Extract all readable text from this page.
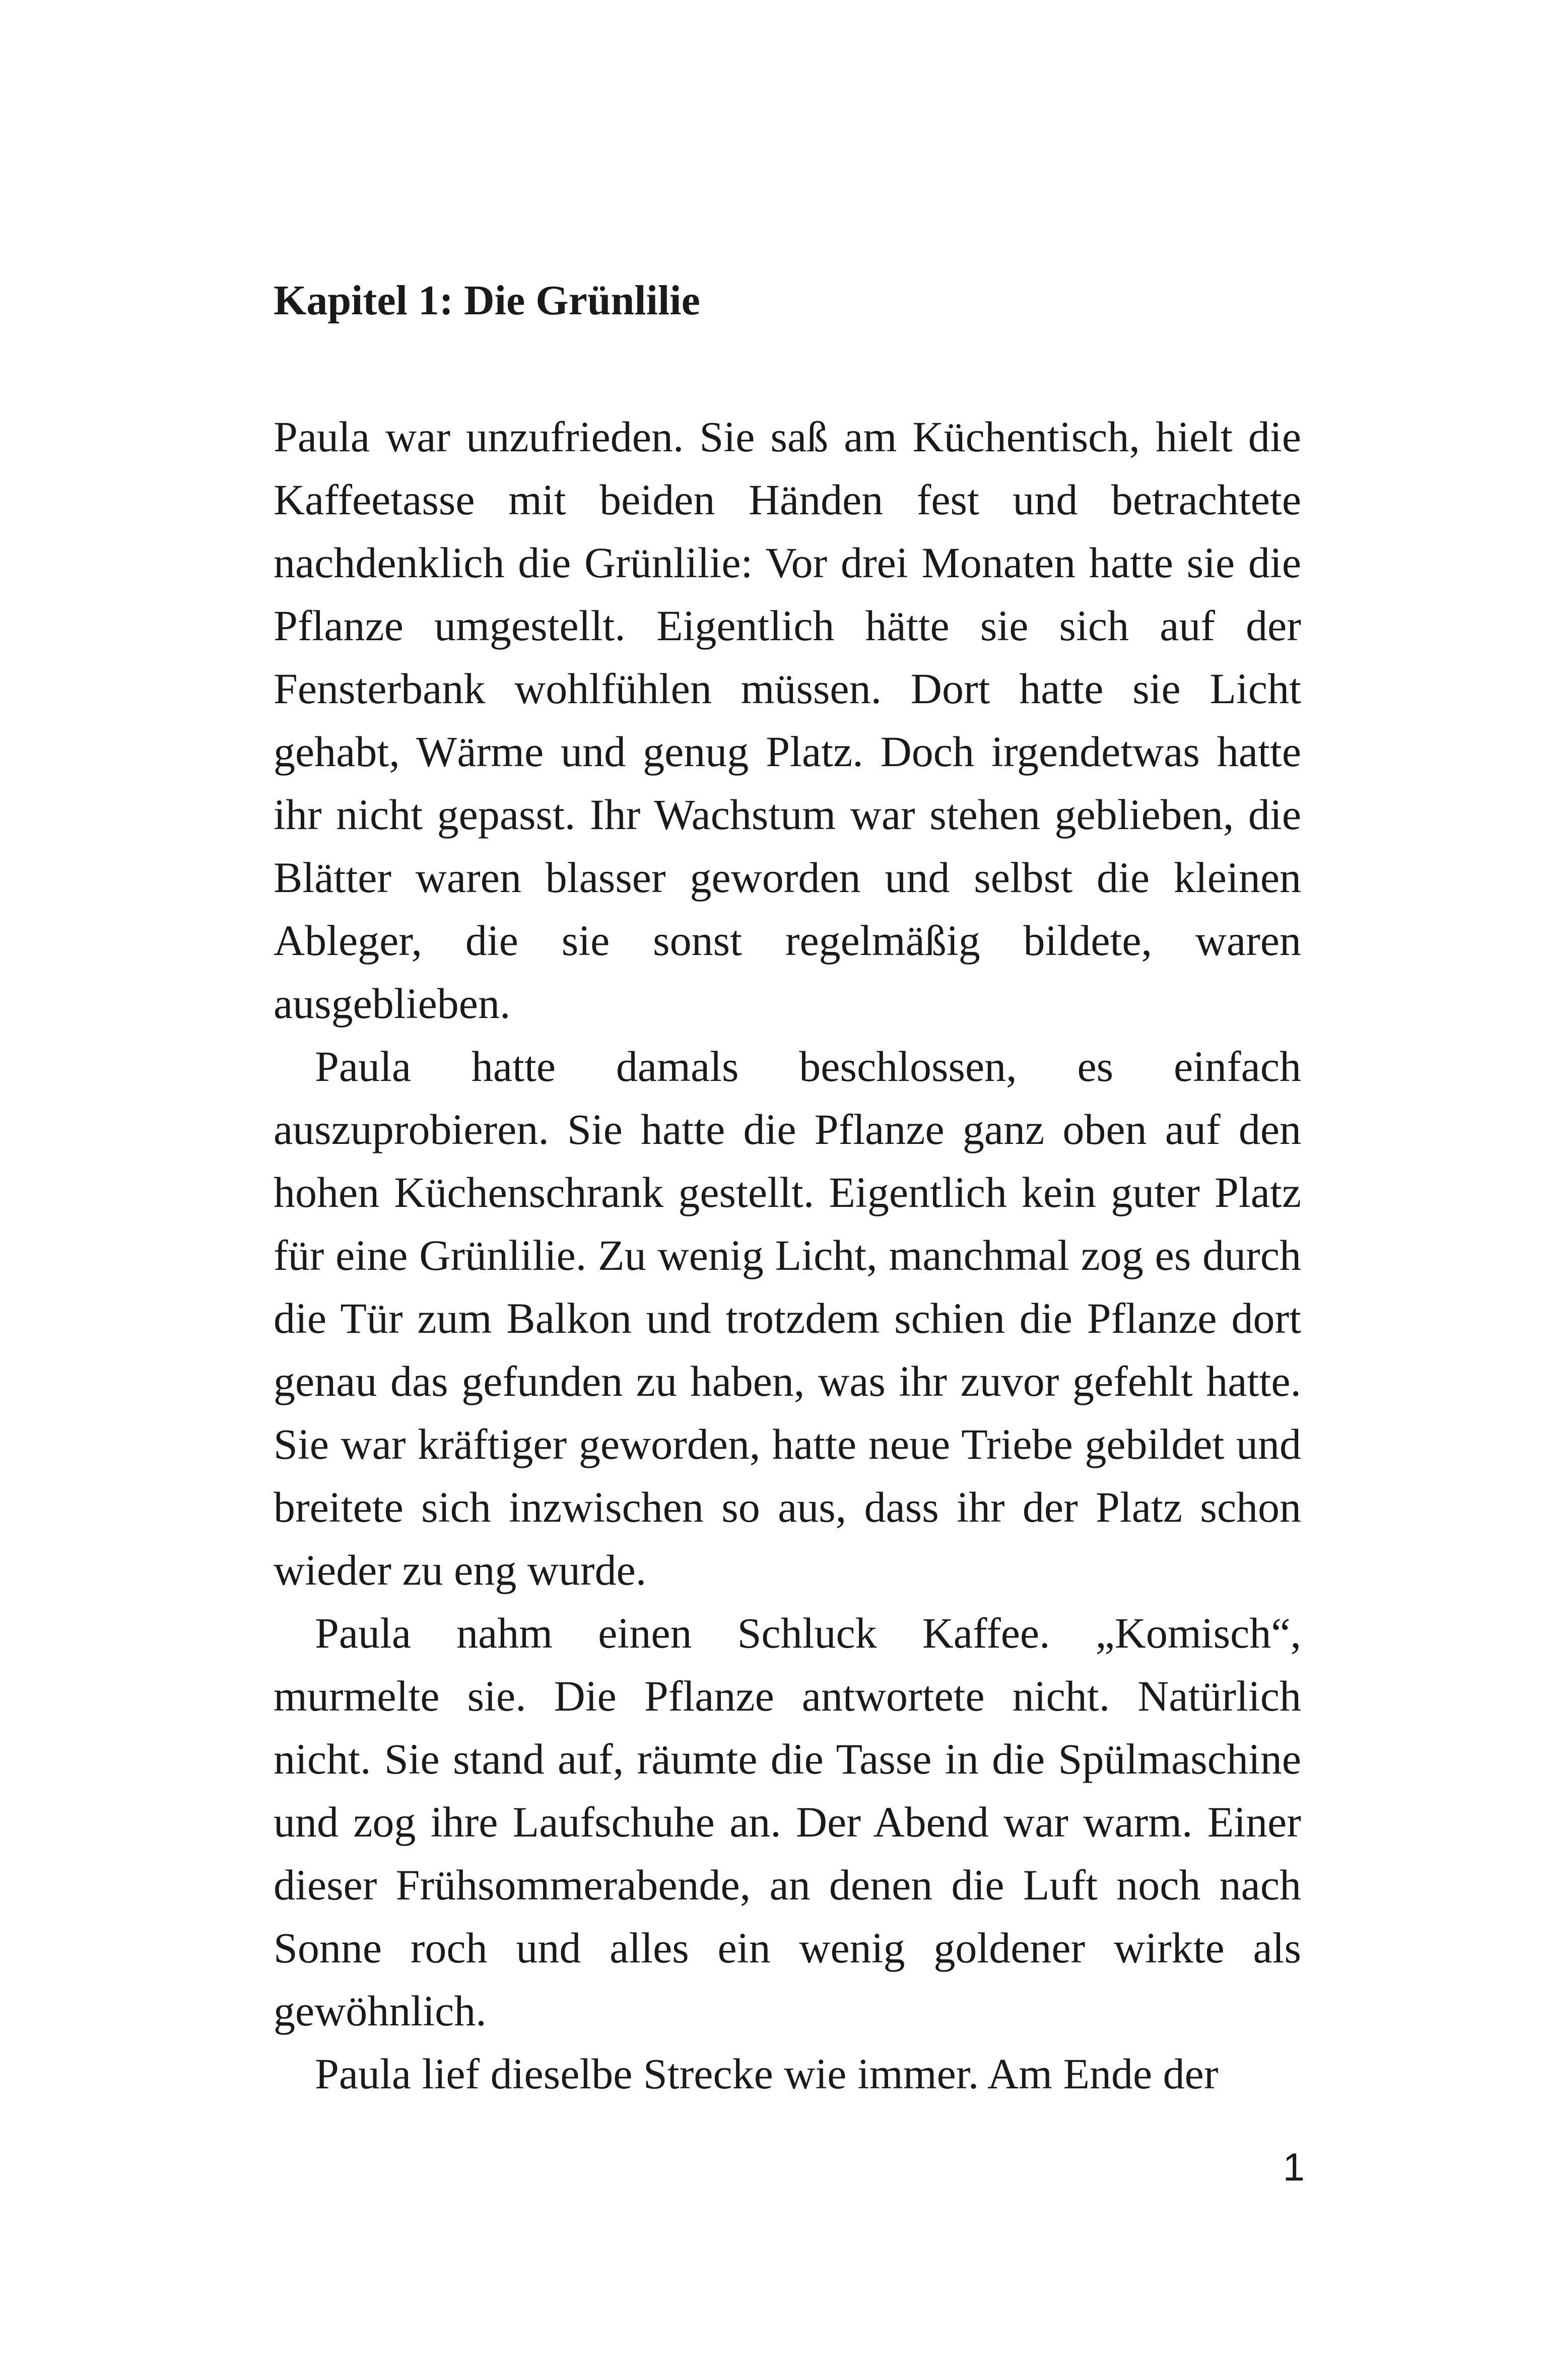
Kapitel 1: Die Grünlilie

Paula war unzufrieden. Sie saß am Küchentisch, hielt die Kaffeetasse mit beiden Händen fest und betrachtete nachdenklich die Grünlilie: Vor drei Monaten hatte sie die Pflanze umgestellt. Eigentlich hätte sie sich auf der Fensterbank wohlfühlen müssen. Dort hatte sie Licht gehabt, Wärme und genug Platz. Doch irgendetwas hatte ihr nicht gepasst. Ihr Wachstum war stehen geblieben, die Blätter waren blasser geworden und selbst die kleinen Ableger, die sie sonst regelmäßig bildete, waren ausgeblieben.

Paula hatte damals beschlossen, es einfach auszuprobieren. Sie hatte die Pflanze ganz oben auf den hohen Küchenschrank gestellt. Eigentlich kein guter Platz für eine Grünlilie. Zu wenig Licht, manchmal zog es durch die Tür zum Balkon und trotzdem schien die Pflanze dort genau das gefunden zu haben, was ihr zuvor gefehlt hatte. Sie war kräftiger geworden, hatte neue Triebe gebildet und breitete sich inzwischen so aus, dass ihr der Platz schon wieder zu eng wurde.

Paula nahm einen Schluck Kaffee. „Komisch“, murmelte sie. Die Pflanze antwortete nicht. Natürlich nicht. Sie stand auf, räumte die Tasse in die Spülmaschine und zog ihre Laufschuhe an. Der Abend war warm. Einer dieser Frühsommerabende, an denen die Luft noch nach Sonne roch und alles ein wenig goldener wirkte als gewöhnlich.

Paula lief dieselbe Strecke wie immer. Am Ende der

1
